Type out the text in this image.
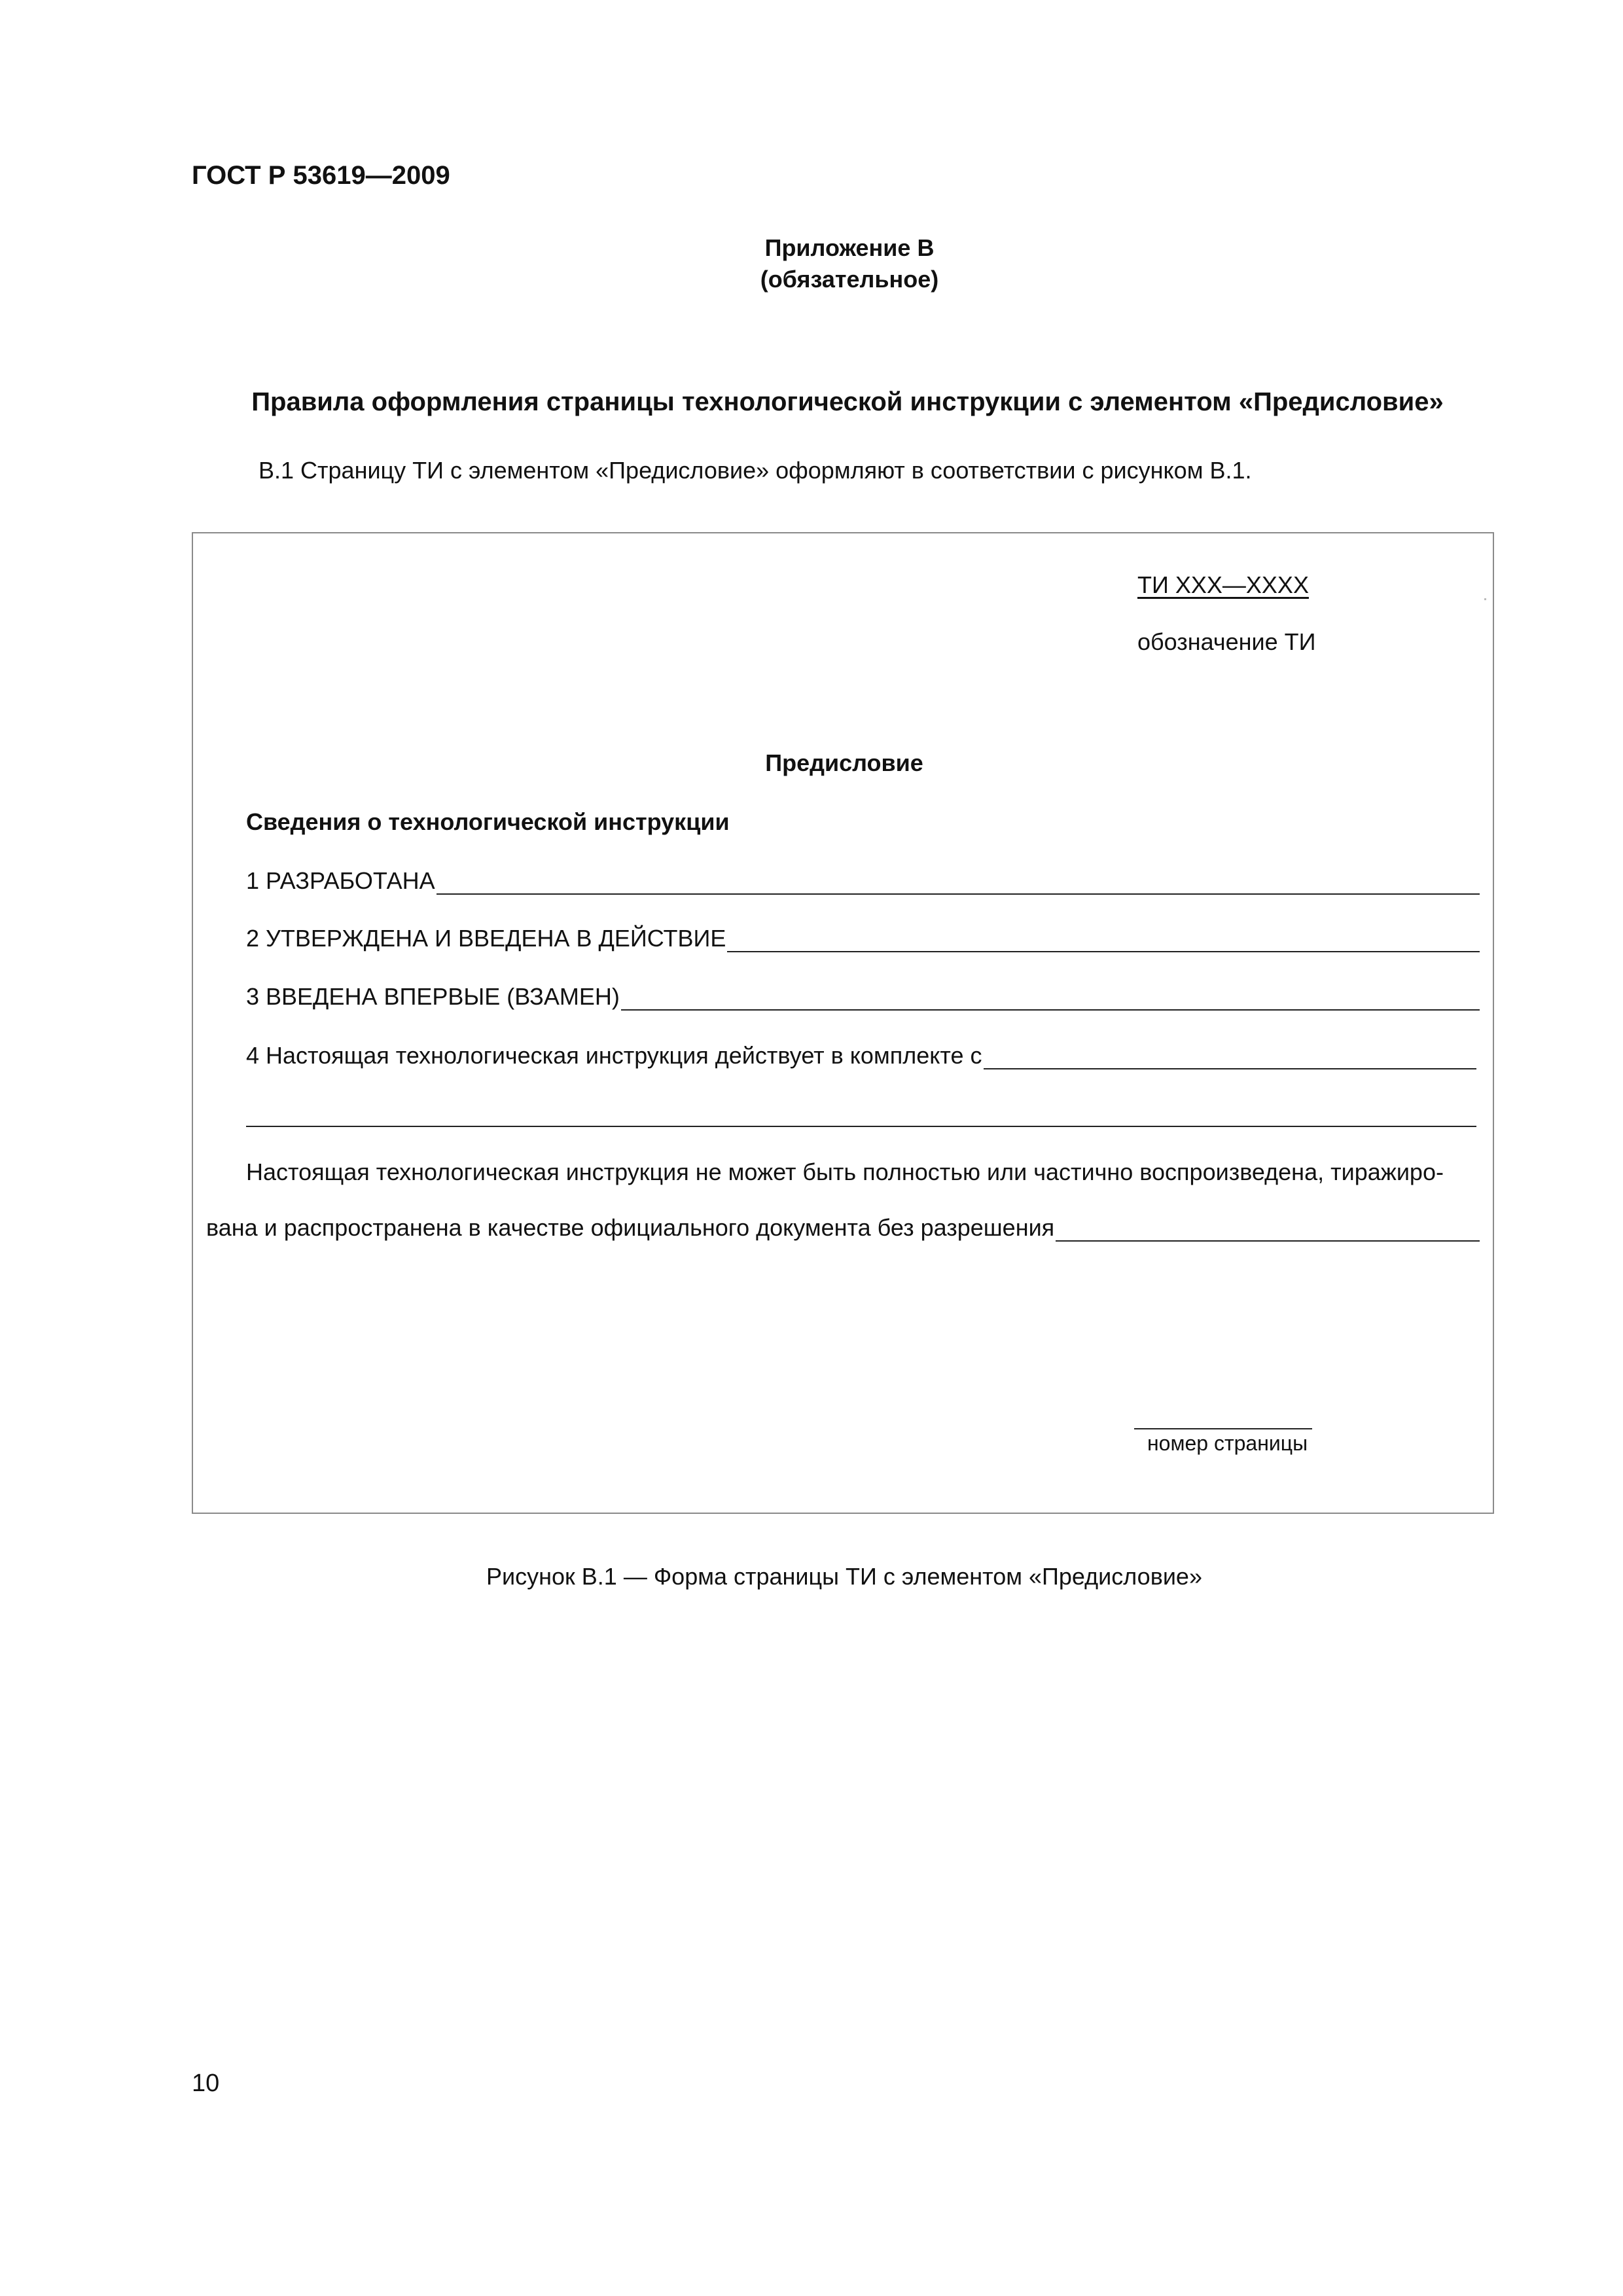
ГОСТ Р 53619—2009
Приложение В
(обязательное)
Правила оформления страницы технологической инструкции с элементом «Предисловие»
В.1 Страницу ТИ с элементом «Предисловие» оформляют в соответствии с рисунком В.1.
ТИ ХХХ—ХХХХ
обозначение ТИ
Предисловие
Сведения о технологической инструкции
1 РАЗРАБОТАНА
2 УТВЕРЖДЕНА И ВВЕДЕНА В ДЕЙСТВИЕ
3 ВВЕДЕНА ВПЕРВЫЕ (ВЗАМЕН)
4 Настоящая технологическая инструкция действует в комплекте с
Настоящая технологическая инструкция не может быть полностью или частично воспроизведена, тиражиро-
вана и распространена в качестве официального документа без разрешения
номер страницы
Рисунок В.1 — Форма страницы ТИ с элементом «Предисловие»
10
